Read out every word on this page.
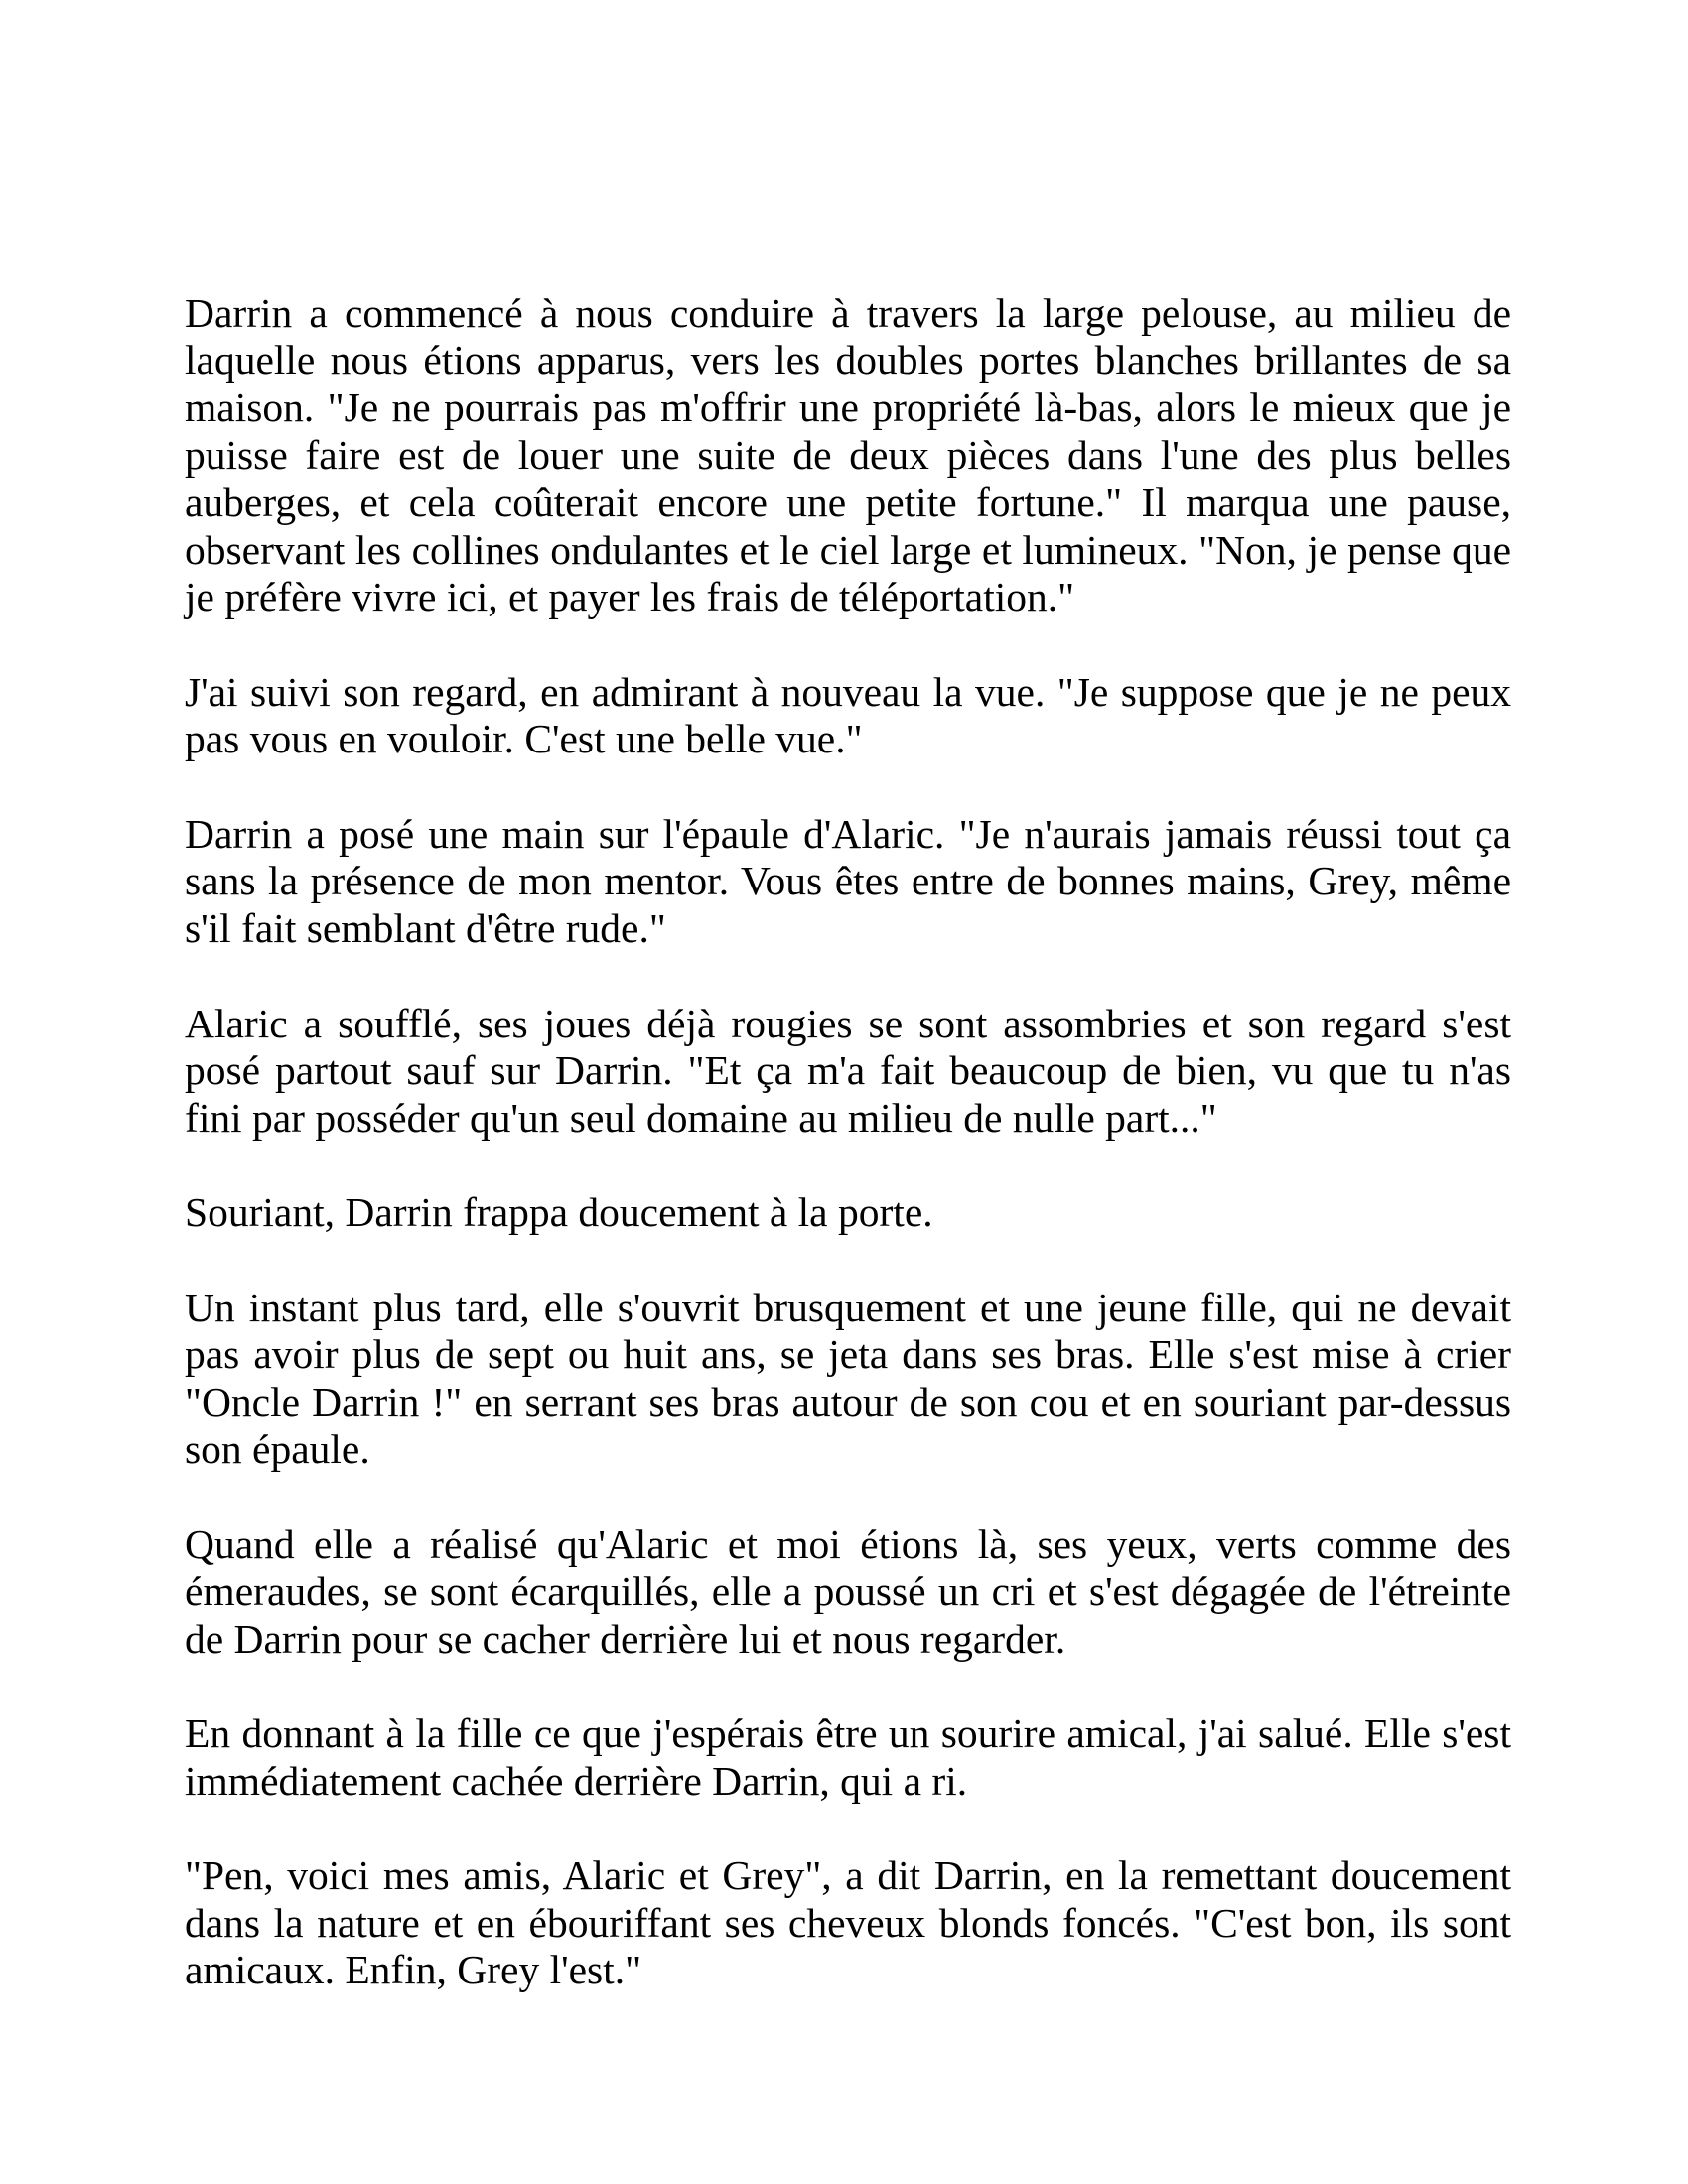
Darrin a commencé à nous conduire à travers la large pelouse, au milieu de laquelle nous étions apparus, vers les doubles portes blanches brillantes de sa maison. "Je ne pourrais pas m'offrir une propriété là-bas, alors le mieux que je puisse faire est de louer une suite de deux pièces dans l'une des plus belles auberges, et cela coûterait encore une petite fortune." Il marqua une pause, observant les collines ondulantes et le ciel large et lumineux. "Non, je pense que je préfère vivre ici, et payer les frais de téléportation."

J'ai suivi son regard, en admirant à nouveau la vue. "Je suppose que je ne peux pas vous en vouloir. C'est une belle vue."

Darrin a posé une main sur l'épaule d'Alaric. "Je n'aurais jamais réussi tout ça sans la présence de mon mentor. Vous êtes entre de bonnes mains, Grey, même s'il fait semblant d'être rude."

Alaric a soufflé, ses joues déjà rougies se sont assombries et son regard s'est posé partout sauf sur Darrin. "Et ça m'a fait beaucoup de bien, vu que tu n'as fini par posséder qu'un seul domaine au milieu de nulle part..."

Souriant, Darrin frappa doucement à la porte.

Un instant plus tard, elle s'ouvrit brusquement et une jeune fille, qui ne devait pas avoir plus de sept ou huit ans, se jeta dans ses bras. Elle s'est mise à crier "Oncle Darrin !" en serrant ses bras autour de son cou et en souriant par-dessus son épaule.

Quand elle a réalisé qu'Alaric et moi étions là, ses yeux, verts comme des émeraudes, se sont écarquillés, elle a poussé un cri et s'est dégagée de l'étreinte de Darrin pour se cacher derrière lui et nous regarder.

En donnant à la fille ce que j'espérais être un sourire amical, j'ai salué. Elle s'est immédiatement cachée derrière Darrin, qui a ri.

"Pen, voici mes amis, Alaric et Grey", a dit Darrin, en la remettant doucement dans la nature et en ébouriffant ses cheveux blonds foncés. "C'est bon, ils sont amicaux. Enfin, Grey l'est."
